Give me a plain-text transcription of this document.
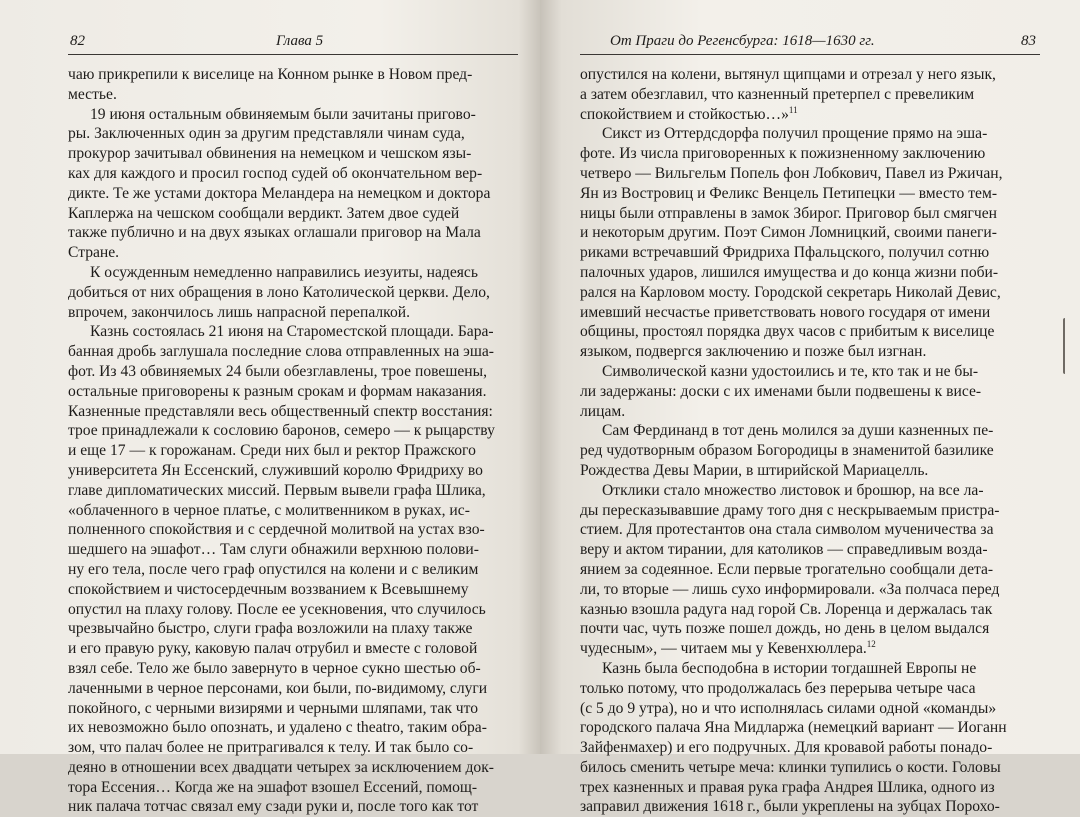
82	Глава 5

чаю прикрепили к виселице на Конном рынке в Новом пред-

местье.

19 июня остальным обвиняемым были зачитаны пригово-

ры. Заключенных один за другим представляли чинам суда,

прокурор зачитывал обвинения на немецком и чешском язы-

ках для каждого и просил господ судей об окончательном вер-

дикте. Те же устами доктора Меландера на немецком и доктора

Каплержа на чешском сообщали вердикт. Затем двое судей

также публично и на двух языках оглашали приговор на Мала

Стране.

К осужденным немедленно направились иезуиты, надеясь

добиться от них обращения в лоно Католической церкви. Дело,

впрочем, закончилось лишь напрасной перепалкой.

Казнь состоялась 21 июня на Староместской площади. Бара-

банная дробь заглушала последние слова отправленных на эша-

фот. Из 43 обвиняемых 24 были обезглавлены, трое повешены,

остальные приговорены к разным срокам и формам наказания.

Казненные представляли весь общественный спектр восстания:

трое принадлежали к сословию баронов, семеро — к рыцарству

и еще 17 — к горожанам. Среди них был и ректор Пражского

университета Ян Ессенский, служивший королю Фридриху во

главе дипломатических миссий. Первым вывели графа Шлика,

«облаченного в черное платье, с молитвенником в руках, ис-

полненного спокойствия и с сердечной молитвой на устах взо-

шедшего на эшафот… Там слуги обнажили верхнюю полови-

ну его тела, после чего граф опустился на колени и с великим

спокойствием и чистосердечным воззванием к Всевышнему

опустил на плаху голову. После ее усекновения, что случилось

чрезвычайно быстро, слуги графа возложили на плаху также

и его правую руку, каковую палач отрубил и вместе с головой

взял себе. Тело же было завернуто в черное сукно шестью об-

лаченными в черное персонами, кои были, по-видимому, слуги

покойного, с черными визирями и черными шляпами, так что

их невозможно было опознать, и удалено с theatro, таким обра-

зом, что палач более не притрагивался к телу. И так было со-

деяно в отношении всех двадцати четырех за исключением док-

тора Ессения… Когда же на эшафот взошел Ессений, помощ-

ник палача тотчас связал ему сзади руки и, после того как тот

От Праги до Регенсбурга: 1618—1630 гг.	83

опустился на колени, вытянул щипцами и отрезал у него язык,

а затем обезглавил, что казненный претерпел с превеликим

спокойствием и стойкостью…»$^{11}$

Сикст из Оттердсдорфа получил прощение прямо на эша-

фоте. Из числа приговоренных к пожизненному заключению

четверо — Вильгельм Попель фон Лобкович, Павел из Ржичан,

Ян из Востровиц и Феликс Венцель Петипецки — вместо тем-

ницы были отправлены в замок Збирог. Приговор был смягчен

и некоторым другим. Поэт Симон Ломницкий, своими панеги-

риками встречавший Фридриха Пфальцского, получил сотню

палочных ударов, лишился имущества и до конца жизни поби-

рался на Карловом мосту. Городской секретарь Николай Девис,

имевший несчастье приветствовать нового государя от имени

общины, простоял порядка двух часов с прибитым к виселице

языком, подвергся заключению и позже был изгнан.

Символической казни удостоились и те, кто так и не бы-

ли задержаны: доски с их именами были подвешены к висе-

лицам.

Сам Фердинанд в тот день молился за души казненных пе-

ред чудотворным образом Богородицы в знаменитой базилике

Рождества Девы Марии, в штирийской Мариацелль.

Отклики стало множество листовок и брошюр, на все ла-

ды пересказывавшие драму того дня с нескрываемым пристра-

стием. Для протестантов она стала символом мученичества за

веру и актом тирании, для католиков — справедливым возда-

янием за содеянное. Если первые трогательно сообщали дета-

ли, то вторые — лишь сухо информировали. «За полчаса перед

казнью взошла радуга над горой Св. Лоренца и держалась так

почти час, чуть позже пошел дождь, но день в целом выдался

чудесным», — читаем мы у Кевенхюллера.$^{12}$

Казнь была бесподобна в истории тогдашней Европы не

только потому, что продолжалась без перерыва четыре часа

(с 5 до 9 утра), но и что исполнялась силами одной «команды»

городского палача Яна Мидларжа (немецкий вариант — Иоганн

Зайфенмахер) и его подручных. Для кровавой работы понадо-

билось сменить четыре меча: клинки тупились о кости. Головы

трех казненных и правая рука графа Андрея Шлика, одного из

заправил движения 1618 г., были укреплены на зубцах Порохо-
